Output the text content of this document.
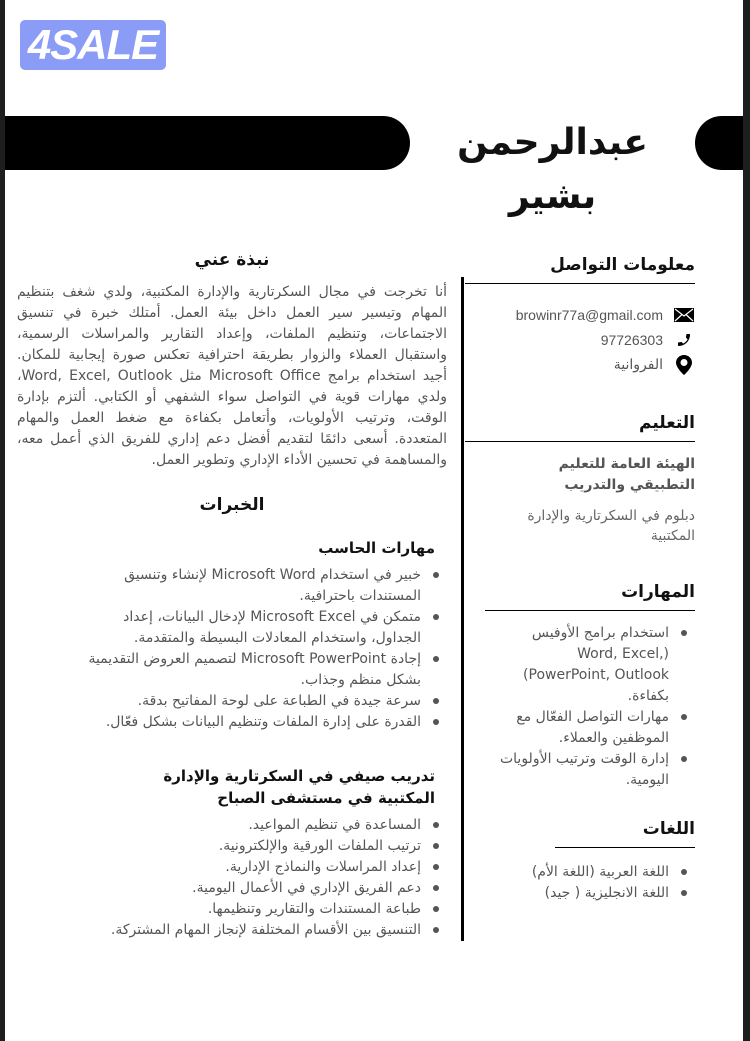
4SALE
عبدالرحمن بشير
معلومات التواصل
browinr77a@gmail.com
97726303
الفروانية
التعليم
الهيئة العامة للتعليم التطبيقي والتدريب
دبلوم في السكرتارية والإدارة المكتبية
المهارات
استخدام برامج الأوفيس (Word, Excel, PowerPoint, Outlook) بكفاءة.
مهارات التواصل الفعّال مع الموظفين والعملاء.
إدارة الوقت وترتيب الأولويات اليومية.
اللغات
اللغة العربية (اللغة الأم)
اللغة الانجليزية ( جيد)
نبذة عني

أنا تخرجت في مجال السكرتارية والإدارة المكتبية، ولدي شغف بتنظيم المهام وتيسير سير العمل داخل بيئة العمل. أمتلك خبرة في تنسيق الاجتماعات، وتنظيم الملفات، وإعداد التقارير والمراسلات الرسمية، واستقبال العملاء والزوار بطريقة احترافية تعكس صورة إيجابية للمكان. أجيد استخدام برامج Microsoft Office مثل Word, Excel, Outlook، ولدي مهارات قوية في التواصل سواء الشفهي أو الكتابي. ألتزم بإدارة الوقت، وترتيب الأولويات، وأتعامل بكفاءة مع ضغط العمل والمهام المتعددة. أسعى دائمًا لتقديم أفضل دعم إداري للفريق الذي أعمل معه، والمساهمة في تحسين الأداء الإداري وتطوير العمل.

الخبرات
مهارات الحاسب
خبير في استخدام Microsoft Word لإنشاء وتنسيق المستندات باحترافية.
متمكن في Microsoft Excel لإدخال البيانات، إعداد الجداول، واستخدام المعادلات البسيطة والمتقدمة.
إجادة Microsoft PowerPoint لتصميم العروض التقديمية بشكل منظم وجذاب.
سرعة جيدة في الطباعة على لوحة المفاتيح بدقة.
القدرة على إدارة الملفات وتنظيم البيانات بشكل فعّال.
تدريب صيفي في السكرتارية والإدارة المكتبية في مستشفى الصباح
المساعدة في تنظيم المواعيد.
ترتيب الملفات الورقية والإلكترونية.
إعداد المراسلات والنماذج الإدارية.
دعم الفريق الإداري في الأعمال اليومية.
طباعة المستندات والتقارير وتنظيمها.
التنسيق بين الأقسام المختلفة لإنجاز المهام المشتركة.
